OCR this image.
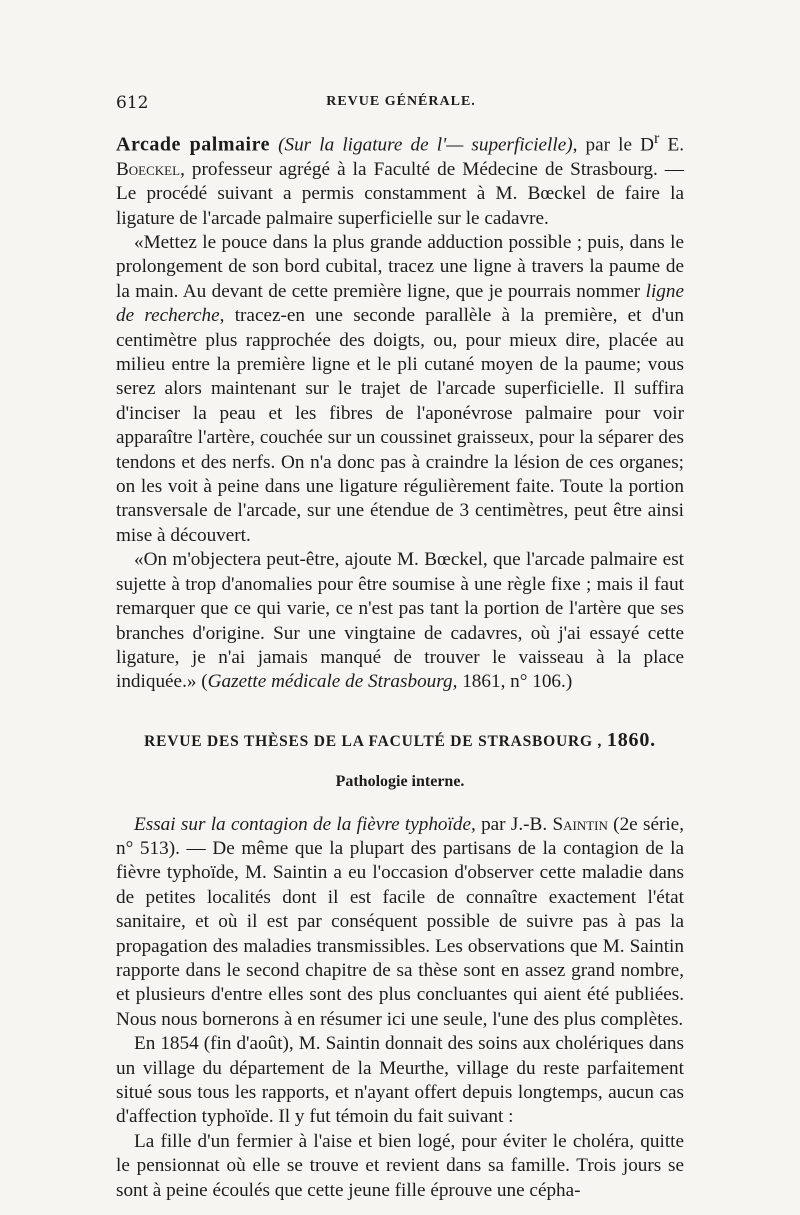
612	REVUE GÉNÉRALE.

Arcade palmaire (Sur la ligature de l'— superficielle), par le $D^r$ E. Boeckel, professeur agrégé à la Faculté de Médecine de Strasbourg. — Le procédé suivant a permis constamment à M. Bœckel de faire la ligature de l'arcade palmaire superficielle sur le cadavre.

«Mettez le pouce dans la plus grande adduction possible ; puis, dans le prolongement de son bord cubital, tracez une ligne à travers la paume de la main. Au devant de cette première ligne, que je pourrais nommer ligne de recherche, tracez-en une seconde parallèle à la première, et d'un centimètre plus rapprochée des doigts, ou, pour mieux dire, placée au milieu entre la première ligne et le pli cutané moyen de la paume; vous serez alors maintenant sur le trajet de l'arcade superficielle. Il suffira d'inciser la peau et les fibres de l'aponévrose palmaire pour voir apparaître l'artère, couchée sur un coussinet graisseux, pour la séparer des tendons et des nerfs. On n'a donc pas à craindre la lésion de ces organes; on les voit à peine dans une ligature régulièrement faite. Toute la portion transversale de l'arcade, sur une étendue de 3 centimètres, peut être ainsi mise à découvert.

«On m'objectera peut-être, ajoute M. Bœckel, que l'arcade palmaire est sujette à trop d'anomalies pour être soumise à une règle fixe ; mais il faut remarquer que ce qui varie, ce n'est pas tant la portion de l'artère que ses branches d'origine. Sur une vingtaine de cadavres, où j'ai essayé cette ligature, je n'ai jamais manqué de trouver le vaisseau à la place indiquée.» (Gazette médicale de Strasbourg, 1861, n° 106.)

REVUE DES THÈSES DE LA FACULTÉ DE STRASBOURG , 1860.
Pathologie interne.

Essai sur la contagion de la fièvre typhoïde, par J.-B. Saintin (2e série, n° 513). — De même que la plupart des partisans de la contagion de la fièvre typhoïde, M. Saintin a eu l'occasion d'observer cette maladie dans de petites localités dont il est facile de connaître exactement l'état sanitaire, et où il est par conséquent possible de suivre pas à pas la propagation des maladies transmissibles. Les observations que M. Saintin rapporte dans le second chapitre de sa thèse sont en assez grand nombre, et plusieurs d'entre elles sont des plus concluantes qui aient été publiées. Nous nous bornerons à en résumer ici une seule, l'une des plus complètes.

En 1854 (fin d'août), M. Saintin donnait des soins aux cholériques dans un village du département de la Meurthe, village du reste parfaitement situé sous tous les rapports, et n'ayant offert depuis longtemps, aucun cas d'affection typhoïde. Il y fut témoin du fait suivant :

La fille d'un fermier à l'aise et bien logé, pour éviter le choléra, quitte le pensionnat où elle se trouve et revient dans sa famille. Trois jours se sont à peine écoulés que cette jeune fille éprouve une cépha-
